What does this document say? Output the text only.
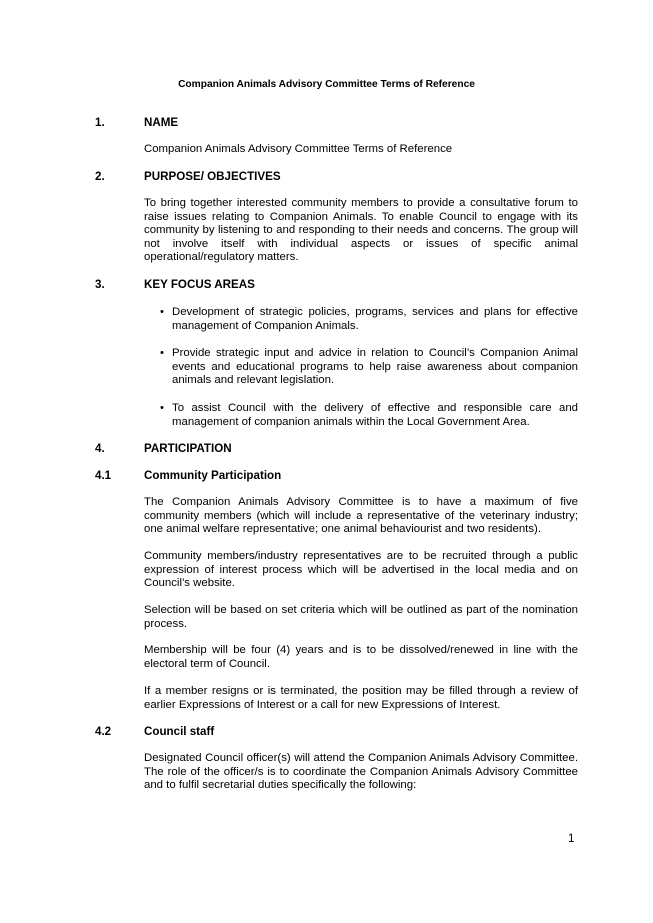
Companion Animals Advisory Committee Terms of Reference
1.	NAME

Companion Animals Advisory Committee Terms of Reference

2.	PURPOSE/ OBJECTIVES

To bring together interested community members to provide a consultative forum to raise issues relating to Companion Animals. To enable Council to engage with its community by listening to and responding to their needs and concerns. The group will not involve itself with individual aspects or issues of specific animal operational/regulatory matters.

3.	KEY FOCUS AREAS
• Development of strategic policies, programs, services and plans for effective management of Companion Animals.
• Provide strategic input and advice in relation to Council’s Companion Animal events and educational programs to help raise awareness about companion animals and relevant legislation.
• To assist Council with the delivery of effective and responsible care and management of companion animals within the Local Government Area.
4.	PARTICIPATION
4.1	Community Participation

The Companion Animals Advisory Committee is to have a maximum of five community members (which will include a representative of the veterinary industry; one animal welfare representative; one animal behaviourist and two residents).

Community members/industry representatives are to be recruited through a public expression of interest process which will be advertised in the local media and on Council’s website.

Selection will be based on set criteria which will be outlined as part of the nomination process.

Membership will be four (4) years and is to be dissolved/renewed in line with the electoral term of Council.

If a member resigns or is terminated, the position may be filled through a review of earlier Expressions of Interest or a call for new Expressions of Interest.

4.2	Council staff

Designated Council officer(s) will attend the Companion Animals Advisory Committee. The role of the officer/s is to coordinate the Companion Animals Advisory Committee and to fulfil secretarial duties specifically the following:

1
